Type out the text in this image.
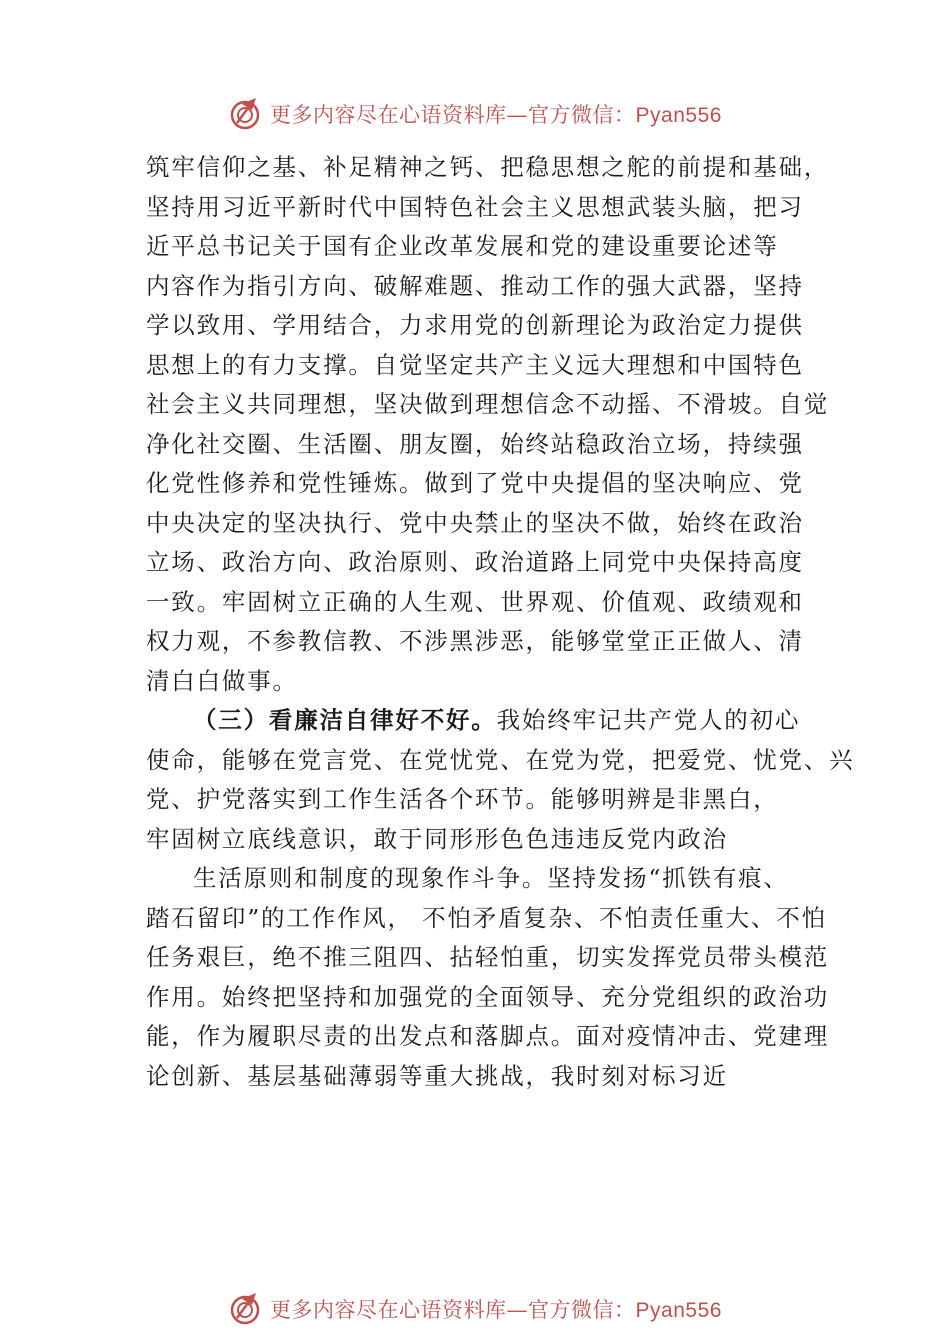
更多内容尽在心语资料库—官方微信：Pyan556
筑牢信仰之基、补足精神之钙、把稳思想之舵的前提和基础，
坚持用习近平新时代中国特色社会主义思想武装头脑，把习
近平总书记关于国有企业改革发展和党的建设重要论述等
内容作为指引方向、破解难题、推动工作的强大武器，坚持
学以致用、学用结合，力求用党的创新理论为政治定力提供
思想上的有力支撑。自觉坚定共产主义远大理想和中国特色
社会主义共同理想，坚决做到理想信念不动摇、不滑坡。自觉
净化社交圈、生活圈、朋友圈，始终站稳政治立场，持续强
化党性修养和党性锤炼。做到了党中央提倡的坚决响应、党
中央决定的坚决执行、党中央禁止的坚决不做，始终在政治
立场、政治方向、政治原则、政治道路上同党中央保持高度
一致。牢固树立正确的人生观、世界观、价值观、政绩观和
权力观，不参教信教、不涉黑涉恶，能够堂堂正正做人、清
清白白做事。
（三）看廉洁自律好不好。我始终牢记共产党人的初心
使命，能够在党言党、在党忧党、在党为党，把爱党、忧党、兴
党、护党落实到工作生活各个环节。能够明辨是非黑白，
牢固树立底线意识，敢于同形形色色违违反党内政治
生活原则和制度的现象作斗争。坚持发扬“抓铁有痕、
踏石留印”的工作作风， 不怕矛盾复杂、不怕责任重大、不怕
任务艰巨，绝不推三阻四、拈轻怕重，切实发挥党员带头模范
作用。始终把坚持和加强党的全面领导、充分党组织的政治功
能，作为履职尽责的出发点和落脚点。面对疫情冲击、党建理
论创新、基层基础薄弱等重大挑战，我时刻对标习近
更多内容尽在心语资料库—官方微信：Pyan556
